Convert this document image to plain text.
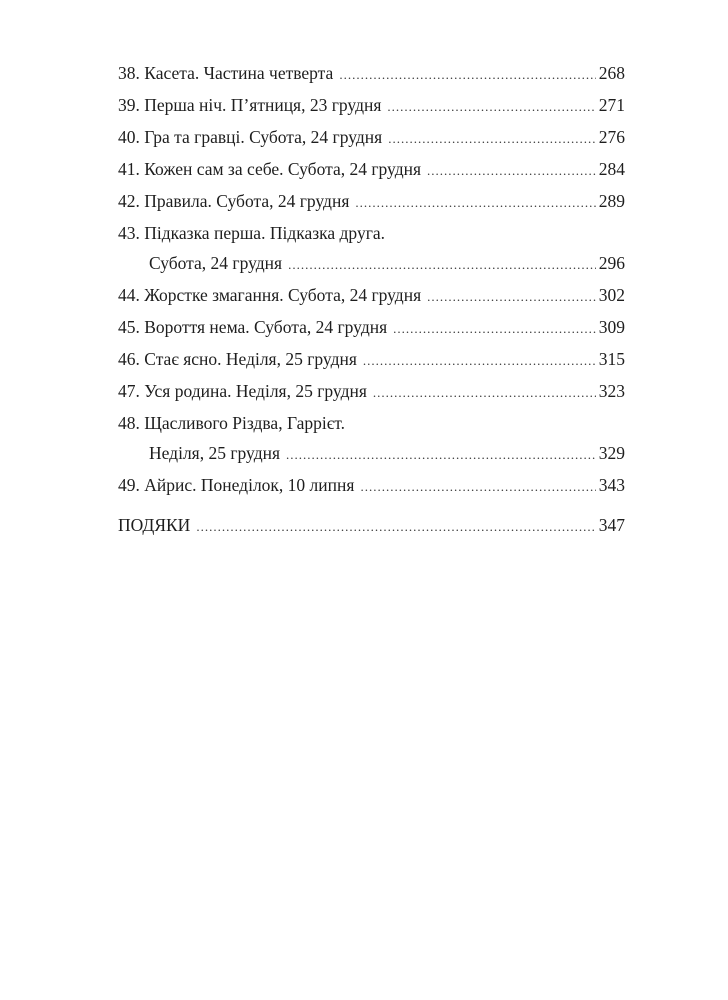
38.
Касета. Частина четверта .....	268
39.
Перша ніч. П’ятниця, 23 грудня .....	271
40.
Гра та гравці. Субота, 24 грудня .....	276
41.
Кожен сам за себе. Субота, 24 грудня .....	284
42.
Правила. Субота, 24 грудня .....	289
43.
Підказка перша. Підказка друга.
Субота, 24 грудня .....	296
44.
Жорстке змагання. Субота, 24 грудня .....	302
45.
Вороття нема. Субота, 24 грудня .....	309
46.
Стає ясно. Неділя, 25 грудня .....	315
47.
Уся родина. Неділя, 25 грудня .....	323
48.
Щасливого Різдва, Гаррієт.
Неділя, 25 грудня .....	329
49.
Айрис. Понеділок, 10 липня .....	343
ПОДЯКИ .....	347
